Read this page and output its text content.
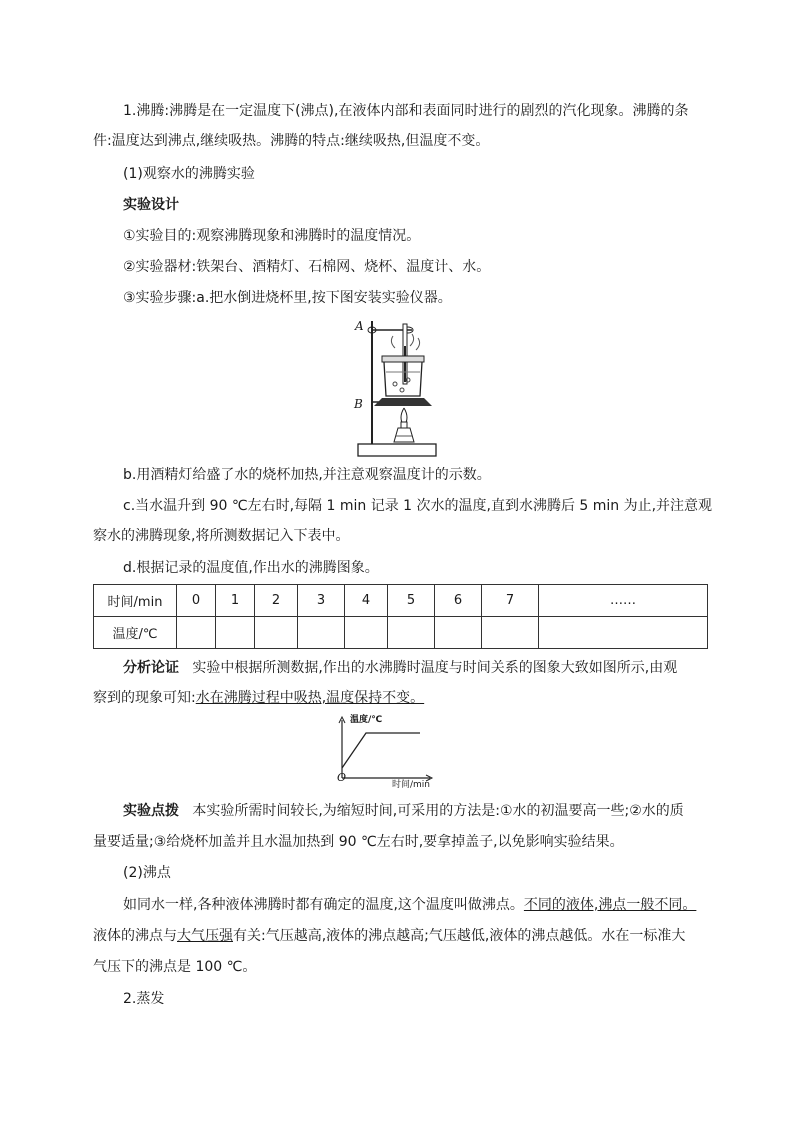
1.沸腾:沸腾是在一定温度下(沸点),在液体内部和表面同时进行的剧烈的汽化现象。沸腾的条

件:温度达到沸点,继续吸热。沸腾的特点:继续吸热,但温度不变。

(1)观察水的沸腾实验

实验设计

①实验目的:观察沸腾现象和沸腾时的温度情况。

②实验器材:铁架台、酒精灯、石棉网、烧杯、温度计、水。

③实验步骤:a.把水倒进烧杯里,按下图安装实验仪器。

A
B

b.用酒精灯给盛了水的烧杯加热,并注意观察温度计的示数。

c.当水温升到 90 ℃左右时,每隔 1 min 记录 1 次水的温度,直到水沸腾后 5 min 为止,并注意观

察水的沸腾现象,将所测数据记入下表中。

d.根据记录的温度值,作出水的沸腾图象。

时间/min	0	1	2	3	4	5	6	7	……
温度/℃									

分析论证 实验中根据所测数据,作出的水沸腾时温度与时间关系的图象大致如图所示,由观

察到的现象可知:水在沸腾过程中吸热,温度保持不变。

温度/℃
时间/min
O

实验点拨 本实验所需时间较长,为缩短时间,可采用的方法是:①水的初温要高一些;②水的质

量要适量;③给烧杯加盖并且水温加热到 90 ℃左右时,要拿掉盖子,以免影响实验结果。

(2)沸点

如同水一样,各种液体沸腾时都有确定的温度,这个温度叫做沸点。不同的液体,沸点一般不同。

液体的沸点与大气压强有关:气压越高,液体的沸点越高;气压越低,液体的沸点越低。水在一标准大

气压下的沸点是 100 ℃。

2.蒸发
